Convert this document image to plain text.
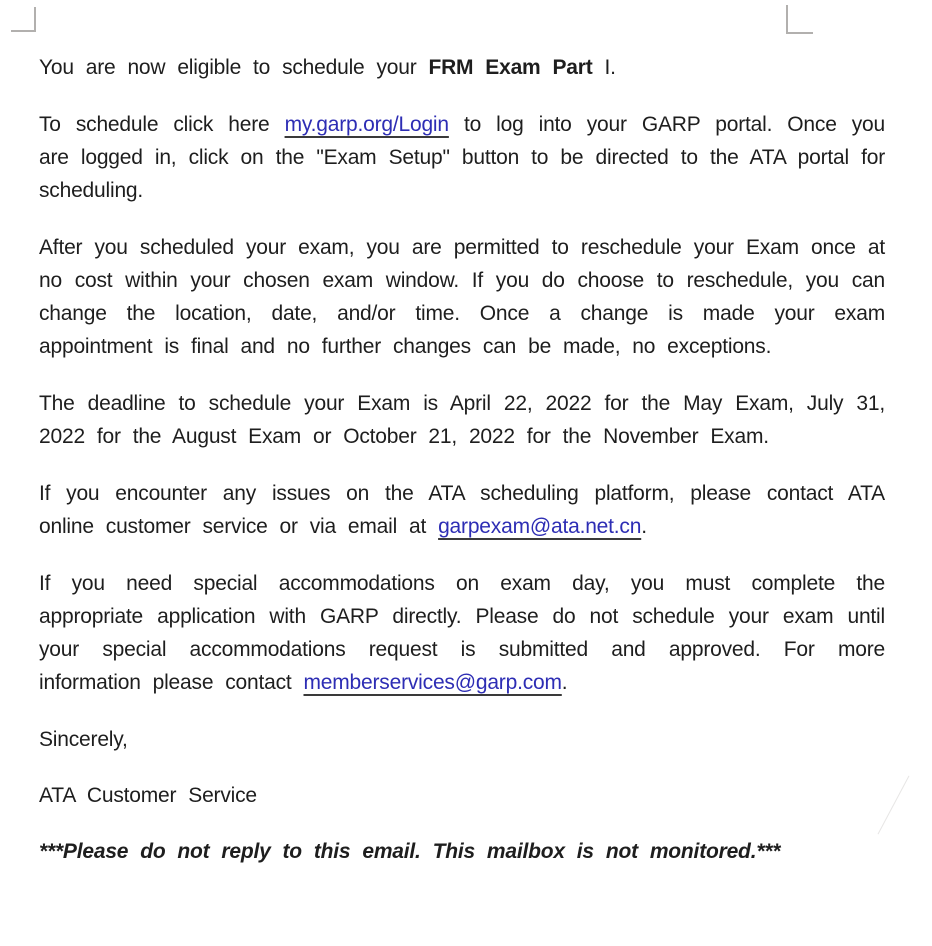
You are now eligible to schedule your FRM Exam Part I.

To schedule click here my.garp.org/Login to log into your GARP portal. Once you are logged in, click on the "Exam Setup" button to be directed to the ATA portal for scheduling.

After you scheduled your exam, you are permitted to reschedule your Exam once at no cost within your chosen exam window. If you do choose to reschedule, you can change the location, date, and/or time. Once a change is made your exam appointment is final and no further changes can be made, no exceptions.

The deadline to schedule your Exam is April 22, 2022 for the May Exam, July 31, 2022 for the August Exam or October 21, 2022 for the November Exam.

If you encounter any issues on the ATA scheduling platform, please contact ATA online customer service or via email at garpexam@ata.net.cn.

If you need special accommodations on exam day, you must complete the appropriate application with GARP directly. Please do not schedule your exam until your special accommodations request is submitted and approved. For more information please contact memberservices@garp.com.

Sincerely,

ATA Customer Service

***Please do not reply to this email. This mailbox is not monitored.***
